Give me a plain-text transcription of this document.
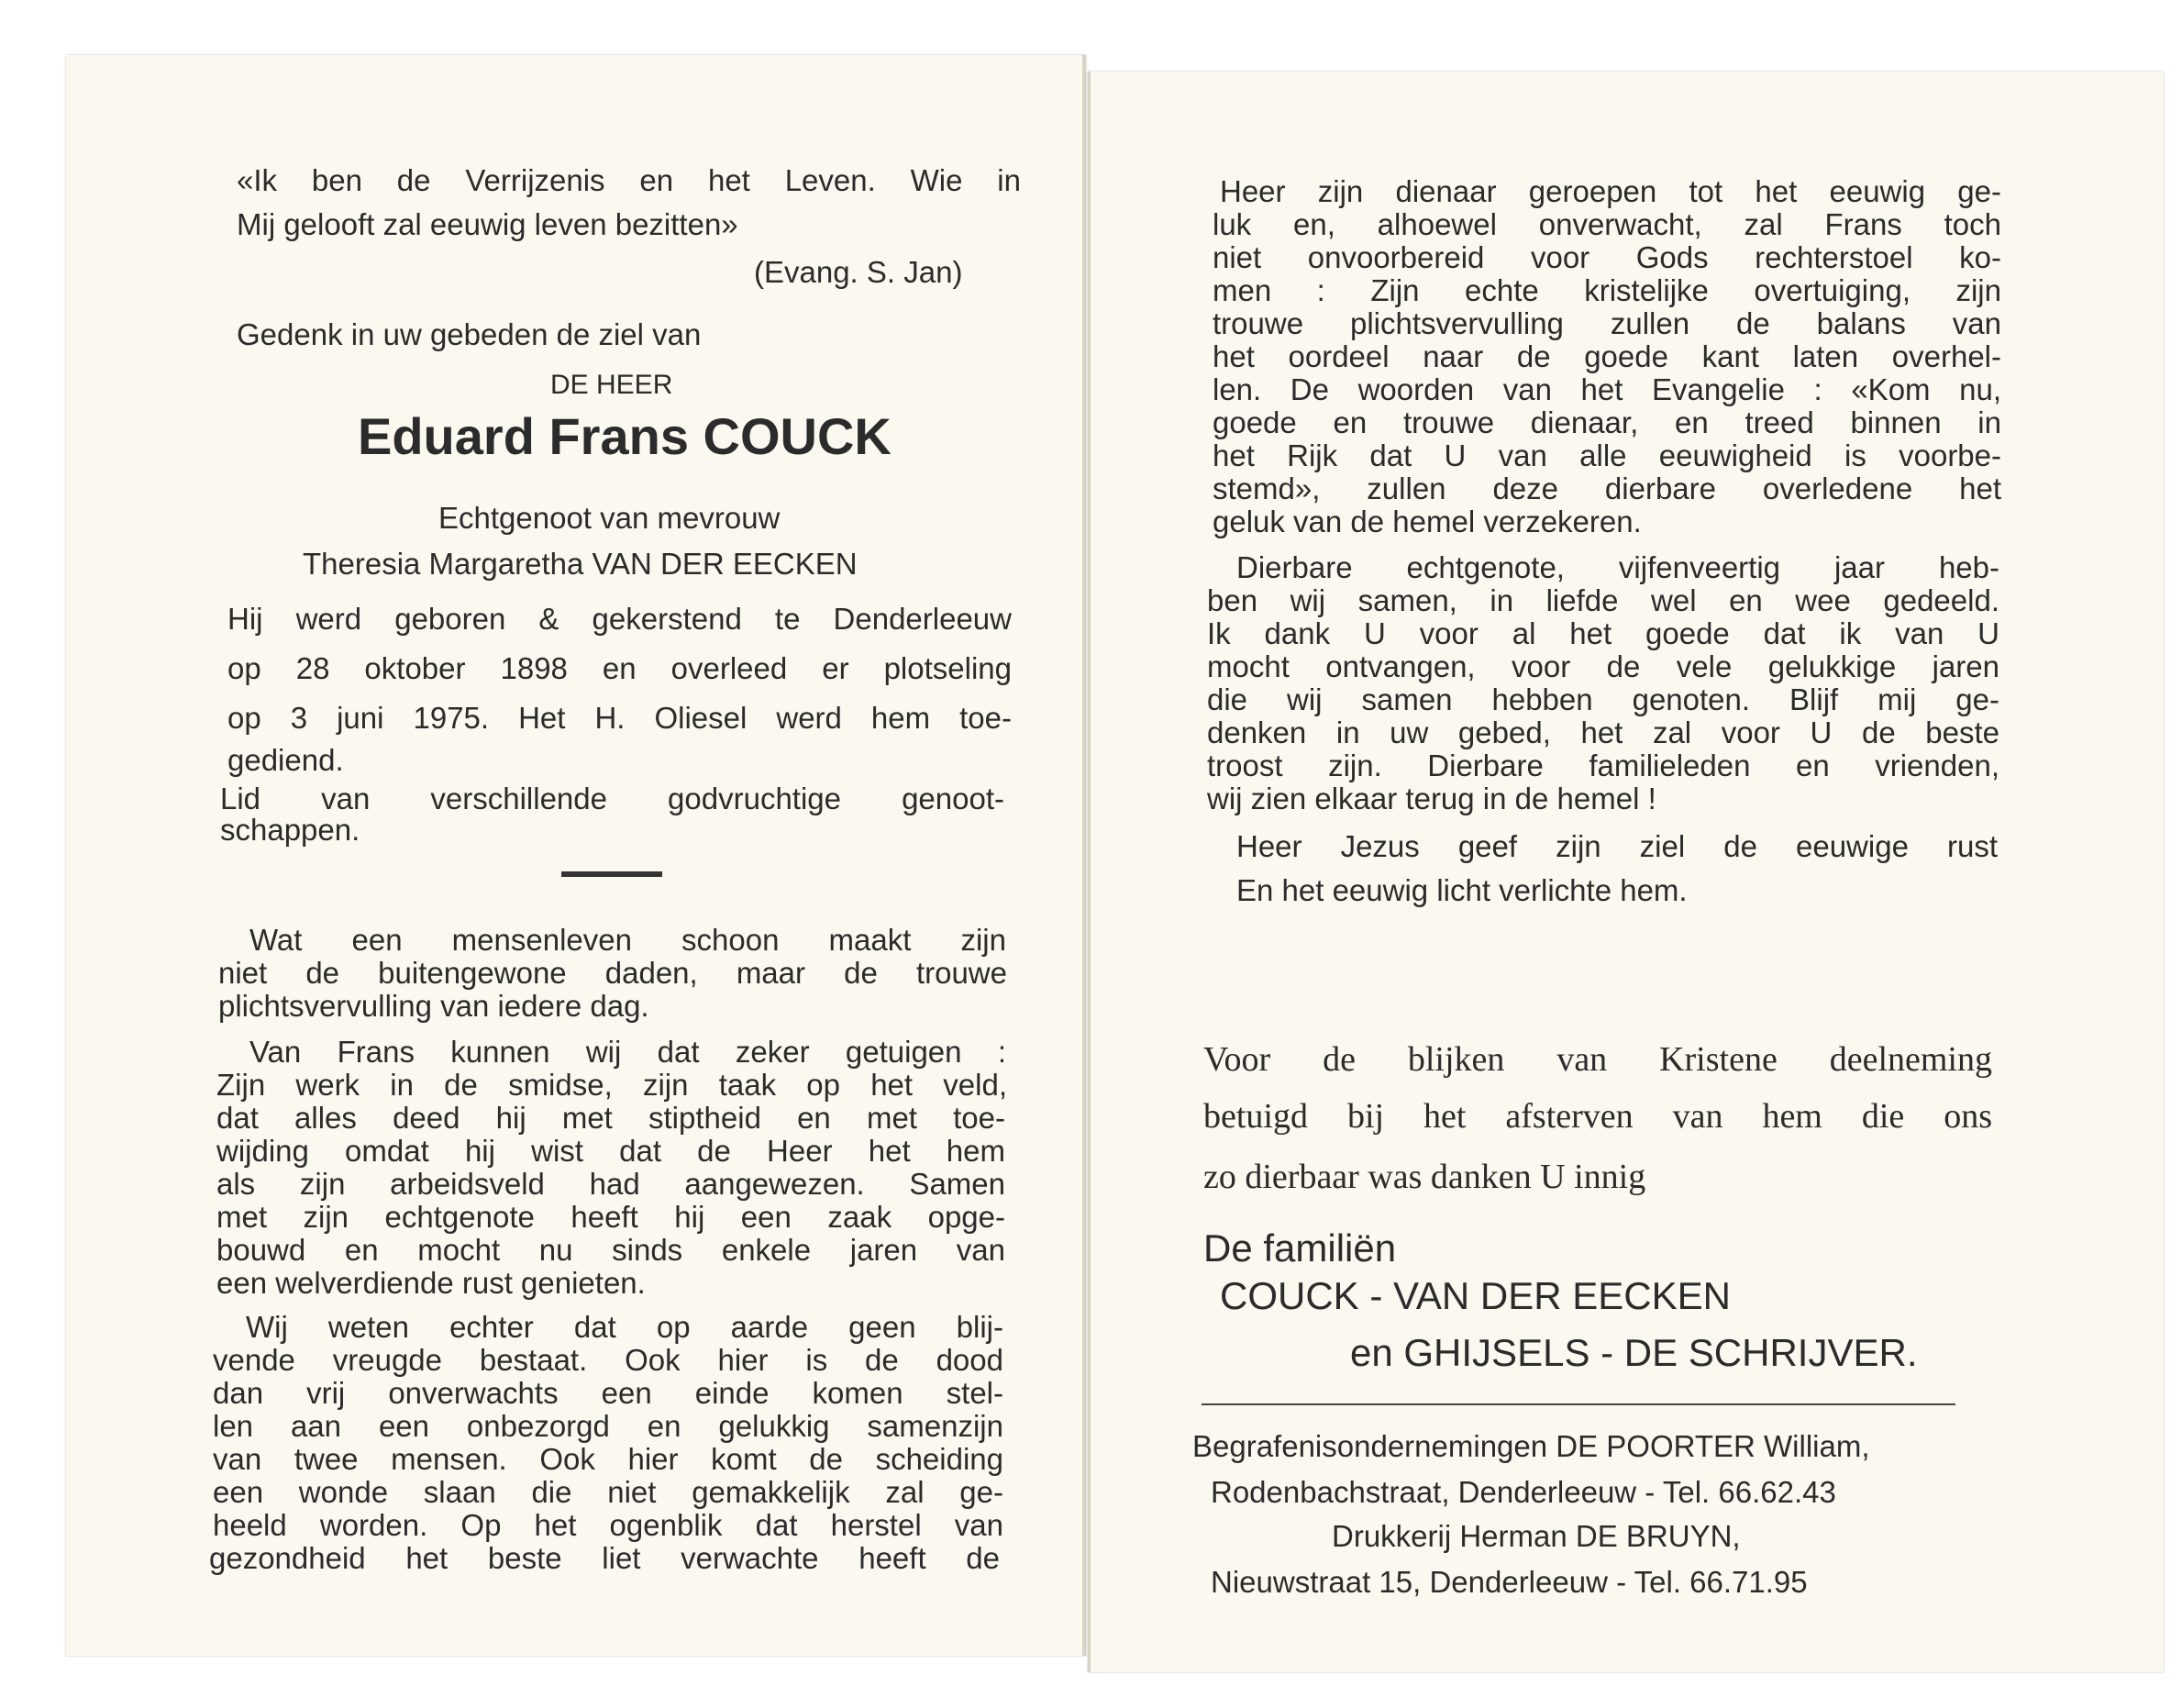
«Ik ben de Verrijzenis en het Leven. Wie in
Mij gelooft zal eeuwig leven bezitten»
(Evang. S. Jan)
Gedenk in uw gebeden de ziel van
DE HEER
Eduard Frans COUCK
Echtgenoot van mevrouw
Theresia Margaretha VAN DER EECKEN
Hij werd geboren & gekerstend te Denderleeuw
op 28 oktober 1898 en overleed er plotseling
op 3 juni 1975. Het H. Oliesel werd hem toe-
gediend.
Lid van verschillende godvruchtige genoot-
schappen.
Wat een mensenleven schoon maakt zijn
niet de buitengewone daden, maar de trouwe
plichtsvervulling van iedere dag.
Van Frans kunnen wij dat zeker getuigen :
Zijn werk in de smidse, zijn taak op het veld,
dat alles deed hij met stiptheid en met toe-
wijding omdat hij wist dat de Heer het hem
als zijn arbeidsveld had aangewezen. Samen
met zijn echtgenote heeft hij een zaak opge-
bouwd en mocht nu sinds enkele jaren van
een welverdiende rust genieten.
Wij weten echter dat op aarde geen blij-
vende vreugde bestaat. Ook hier is de dood
dan vrij onverwachts een einde komen stel-
len aan een onbezorgd en gelukkig samenzijn
van twee mensen. Ook hier komt de scheiding
een wonde slaan die niet gemakkelijk zal ge-
heeld worden. Op het ogenblik dat herstel van
gezondheid het beste liet verwachte heeft de
Heer zijn dienaar geroepen tot het eeuwig ge-
luk en, alhoewel onverwacht, zal Frans toch
niet onvoorbereid voor Gods rechterstoel ko-
men : Zijn echte kristelijke overtuiging, zijn
trouwe plichtsvervulling zullen de balans van
het oordeel naar de goede kant laten overhel-
len. De woorden van het Evangelie : «Kom nu,
goede en trouwe dienaar, en treed binnen in
het Rijk dat U van alle eeuwigheid is voorbe-
stemd», zullen deze dierbare overledene het
geluk van de hemel verzekeren.
Dierbare echtgenote, vijfenveertig jaar heb-
ben wij samen, in liefde wel en wee gedeeld.
Ik dank U voor al het goede dat ik van U
mocht ontvangen, voor de vele gelukkige jaren
die wij samen hebben genoten. Blijf mij ge-
denken in uw gebed, het zal voor U de beste
troost zijn. Dierbare familieleden en vrienden,
wij zien elkaar terug in de hemel !
Heer Jezus geef zijn ziel de eeuwige rust
En het eeuwig licht verlichte hem.
Voor de blijken van Kristene deelneming
betuigd bij het afsterven van hem die ons
zo dierbaar was danken U innig
De familiën
COUCK - VAN DER EECKEN
en GHIJSELS - DE SCHRIJVER.
Begrafenisondernemingen DE POORTER William,
Rodenbachstraat, Denderleeuw - Tel. 66.62.43
Drukkerij Herman DE BRUYN,
Nieuwstraat 15, Denderleeuw - Tel. 66.71.95
